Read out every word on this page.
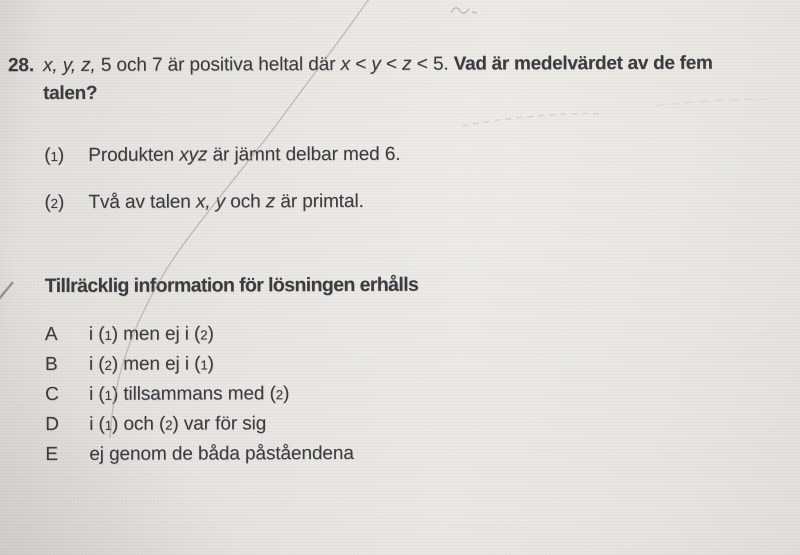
28. x, y, z, 5 och 7 är positiva heltal där x < y < z < 5. Vad är medelvärdet av de fem
talen?
(1)	Produkten xyz är jämnt delbar med 6.
(2)	Två av talen x, y och z är primtal.
Tillräcklig information för lösningen erhålls
A	i (1) men ej i (2)
B	i (2) men ej i (1)
C	i (1) tillsammans med (2)
D	i (1) och (2) var för sig
E	ej genom de båda påståendena
